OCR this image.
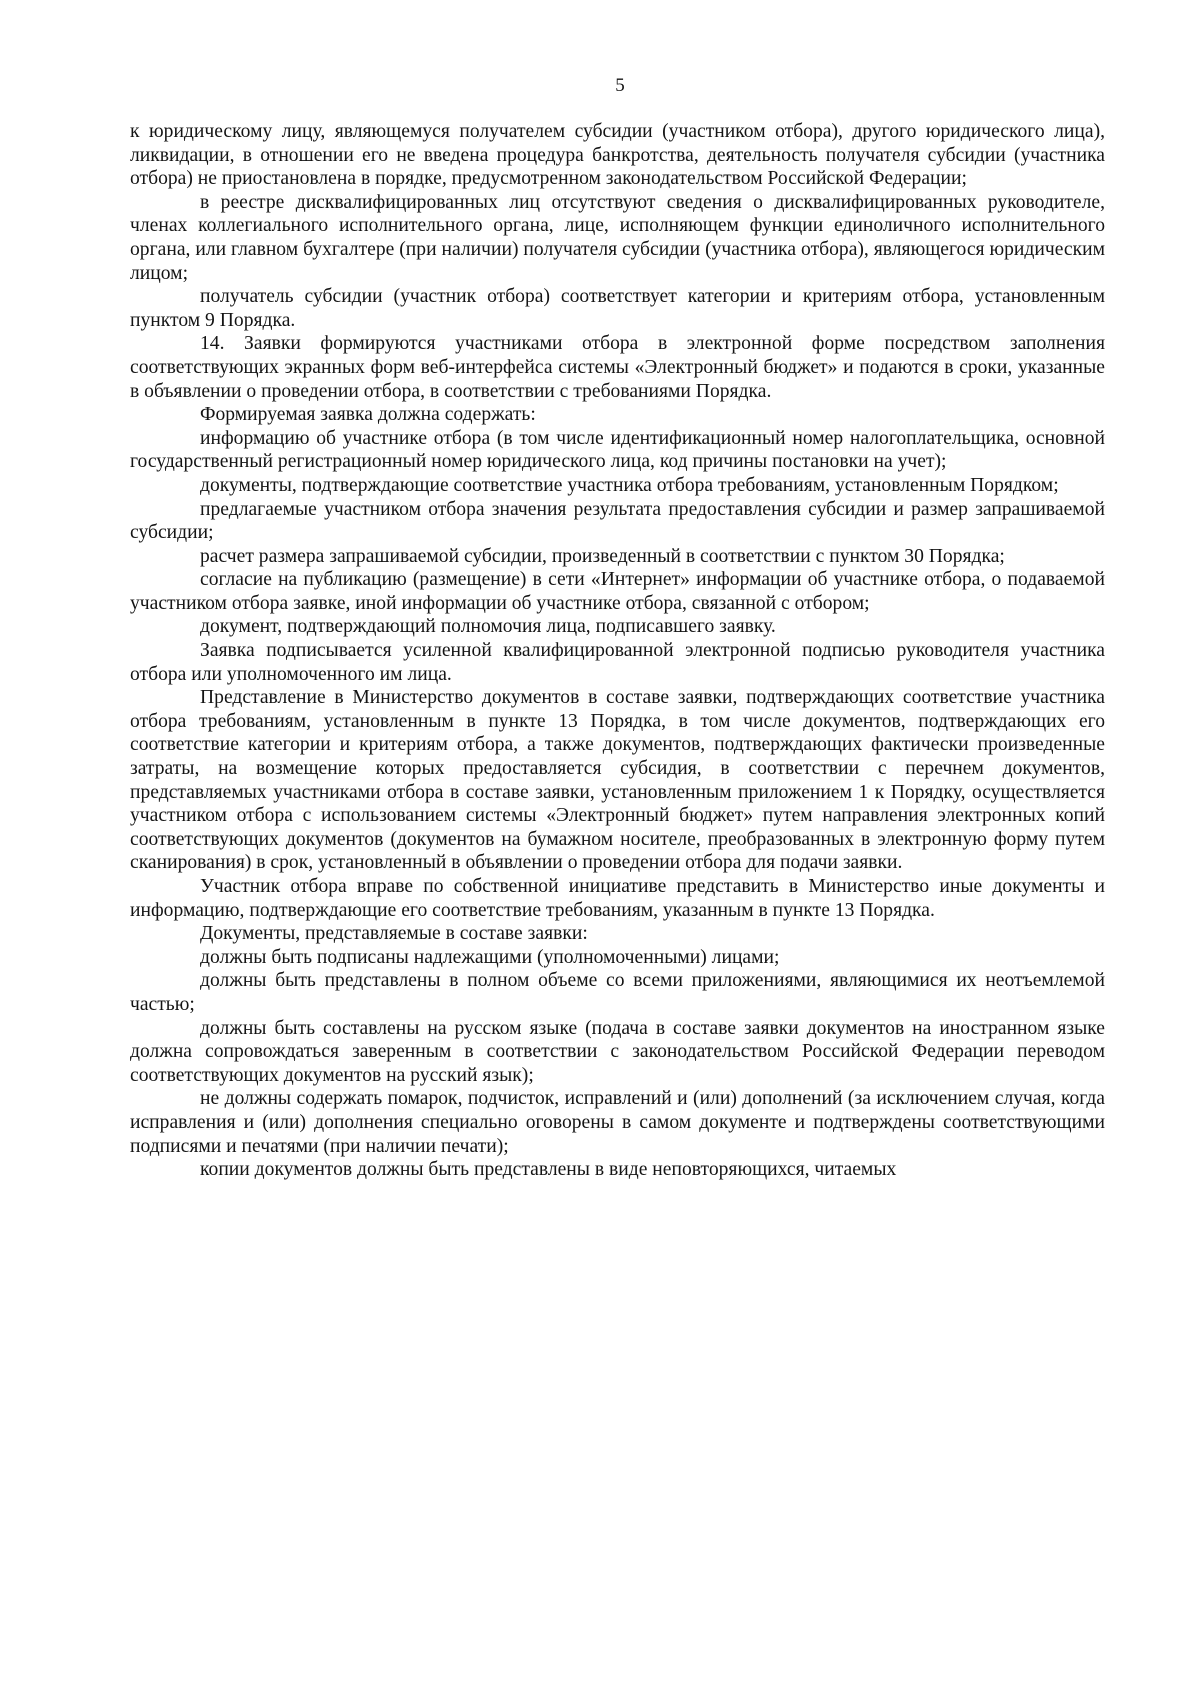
5

к юридическому лицу, являющемуся получателем субсидии (участником отбора), другого юридического лица), ликвидации, в отношении его не введена процедура банкротства, деятельность получателя субсидии (участника отбора) не приостановлена в порядке, предусмотренном законодательством Российской Федерации;

в реестре дисквалифицированных лиц отсутствуют сведения о дисквалифицированных руководителе, членах коллегиального исполнительного органа, лице, исполняющем функции единоличного исполнительного органа, или главном бухгалтере (при наличии) получателя субсидии (участника отбора), являющегося юридическим лицом;

получатель субсидии (участник отбора) соответствует категории и критериям отбора, установленным пунктом 9 Порядка.

14. Заявки формируются участниками отбора в электронной форме посредством заполнения соответствующих экранных форм веб-интерфейса системы «Электронный бюджет» и подаются в сроки, указанные в объявлении о проведении отбора, в соответствии с требованиями Порядка.

Формируемая заявка должна содержать:

информацию об участнике отбора (в том числе идентификационный номер налогоплательщика, основной государственный регистрационный номер юридического лица, код причины постановки на учет);

документы, подтверждающие соответствие участника отбора требованиям, установленным Порядком;

предлагаемые участником отбора значения результата предоставления субсидии и размер запрашиваемой субсидии;

расчет размера запрашиваемой субсидии, произведенный в соответствии с пунктом 30 Порядка;

согласие на публикацию (размещение) в сети «Интернет» информации об участнике отбора, о подаваемой участником отбора заявке, иной информации об участнике отбора, связанной с отбором;

документ, подтверждающий полномочия лица, подписавшего заявку.

Заявка подписывается усиленной квалифицированной электронной подписью руководителя участника отбора или уполномоченного им лица.

Представление в Министерство документов в составе заявки, подтверждающих соответствие участника отбора требованиям, установленным в пункте 13 Порядка, в том числе документов, подтверждающих его соответствие категории и критериям отбора, а также документов, подтверждающих фактически произведенные затраты, на возмещение которых предоставляется субсидия, в соответствии с перечнем документов, представляемых участниками отбора в составе заявки, установленным приложением 1 к Порядку, осуществляется участником отбора с использованием системы «Электронный бюджет» путем направления электронных копий соответствующих документов (документов на бумажном носителе, преобразованных в электронную форму путем сканирования) в срок, установленный в объявлении о проведении отбора для подачи заявки.

Участник отбора вправе по собственной инициативе представить в Министерство иные документы и информацию, подтверждающие его соответствие требованиям, указанным в пункте 13 Порядка.

Документы, представляемые в составе заявки:

должны быть подписаны надлежащими (уполномоченными) лицами;

должны быть представлены в полном объеме со всеми приложениями, являющимися их неотъемлемой частью;

должны быть составлены на русском языке (подача в составе заявки документов на иностранном языке должна сопровождаться заверенным в соответствии с законодательством Российской Федерации переводом соответствующих документов на русский язык);

не должны содержать помарок, подчисток, исправлений и (или) дополнений (за исключением случая, когда исправления и (или) дополнения специально оговорены в самом документе и подтверждены соответствующими подписями и печатями (при наличии печати);

копии документов должны быть представлены в виде неповторяющихся, читаемых
